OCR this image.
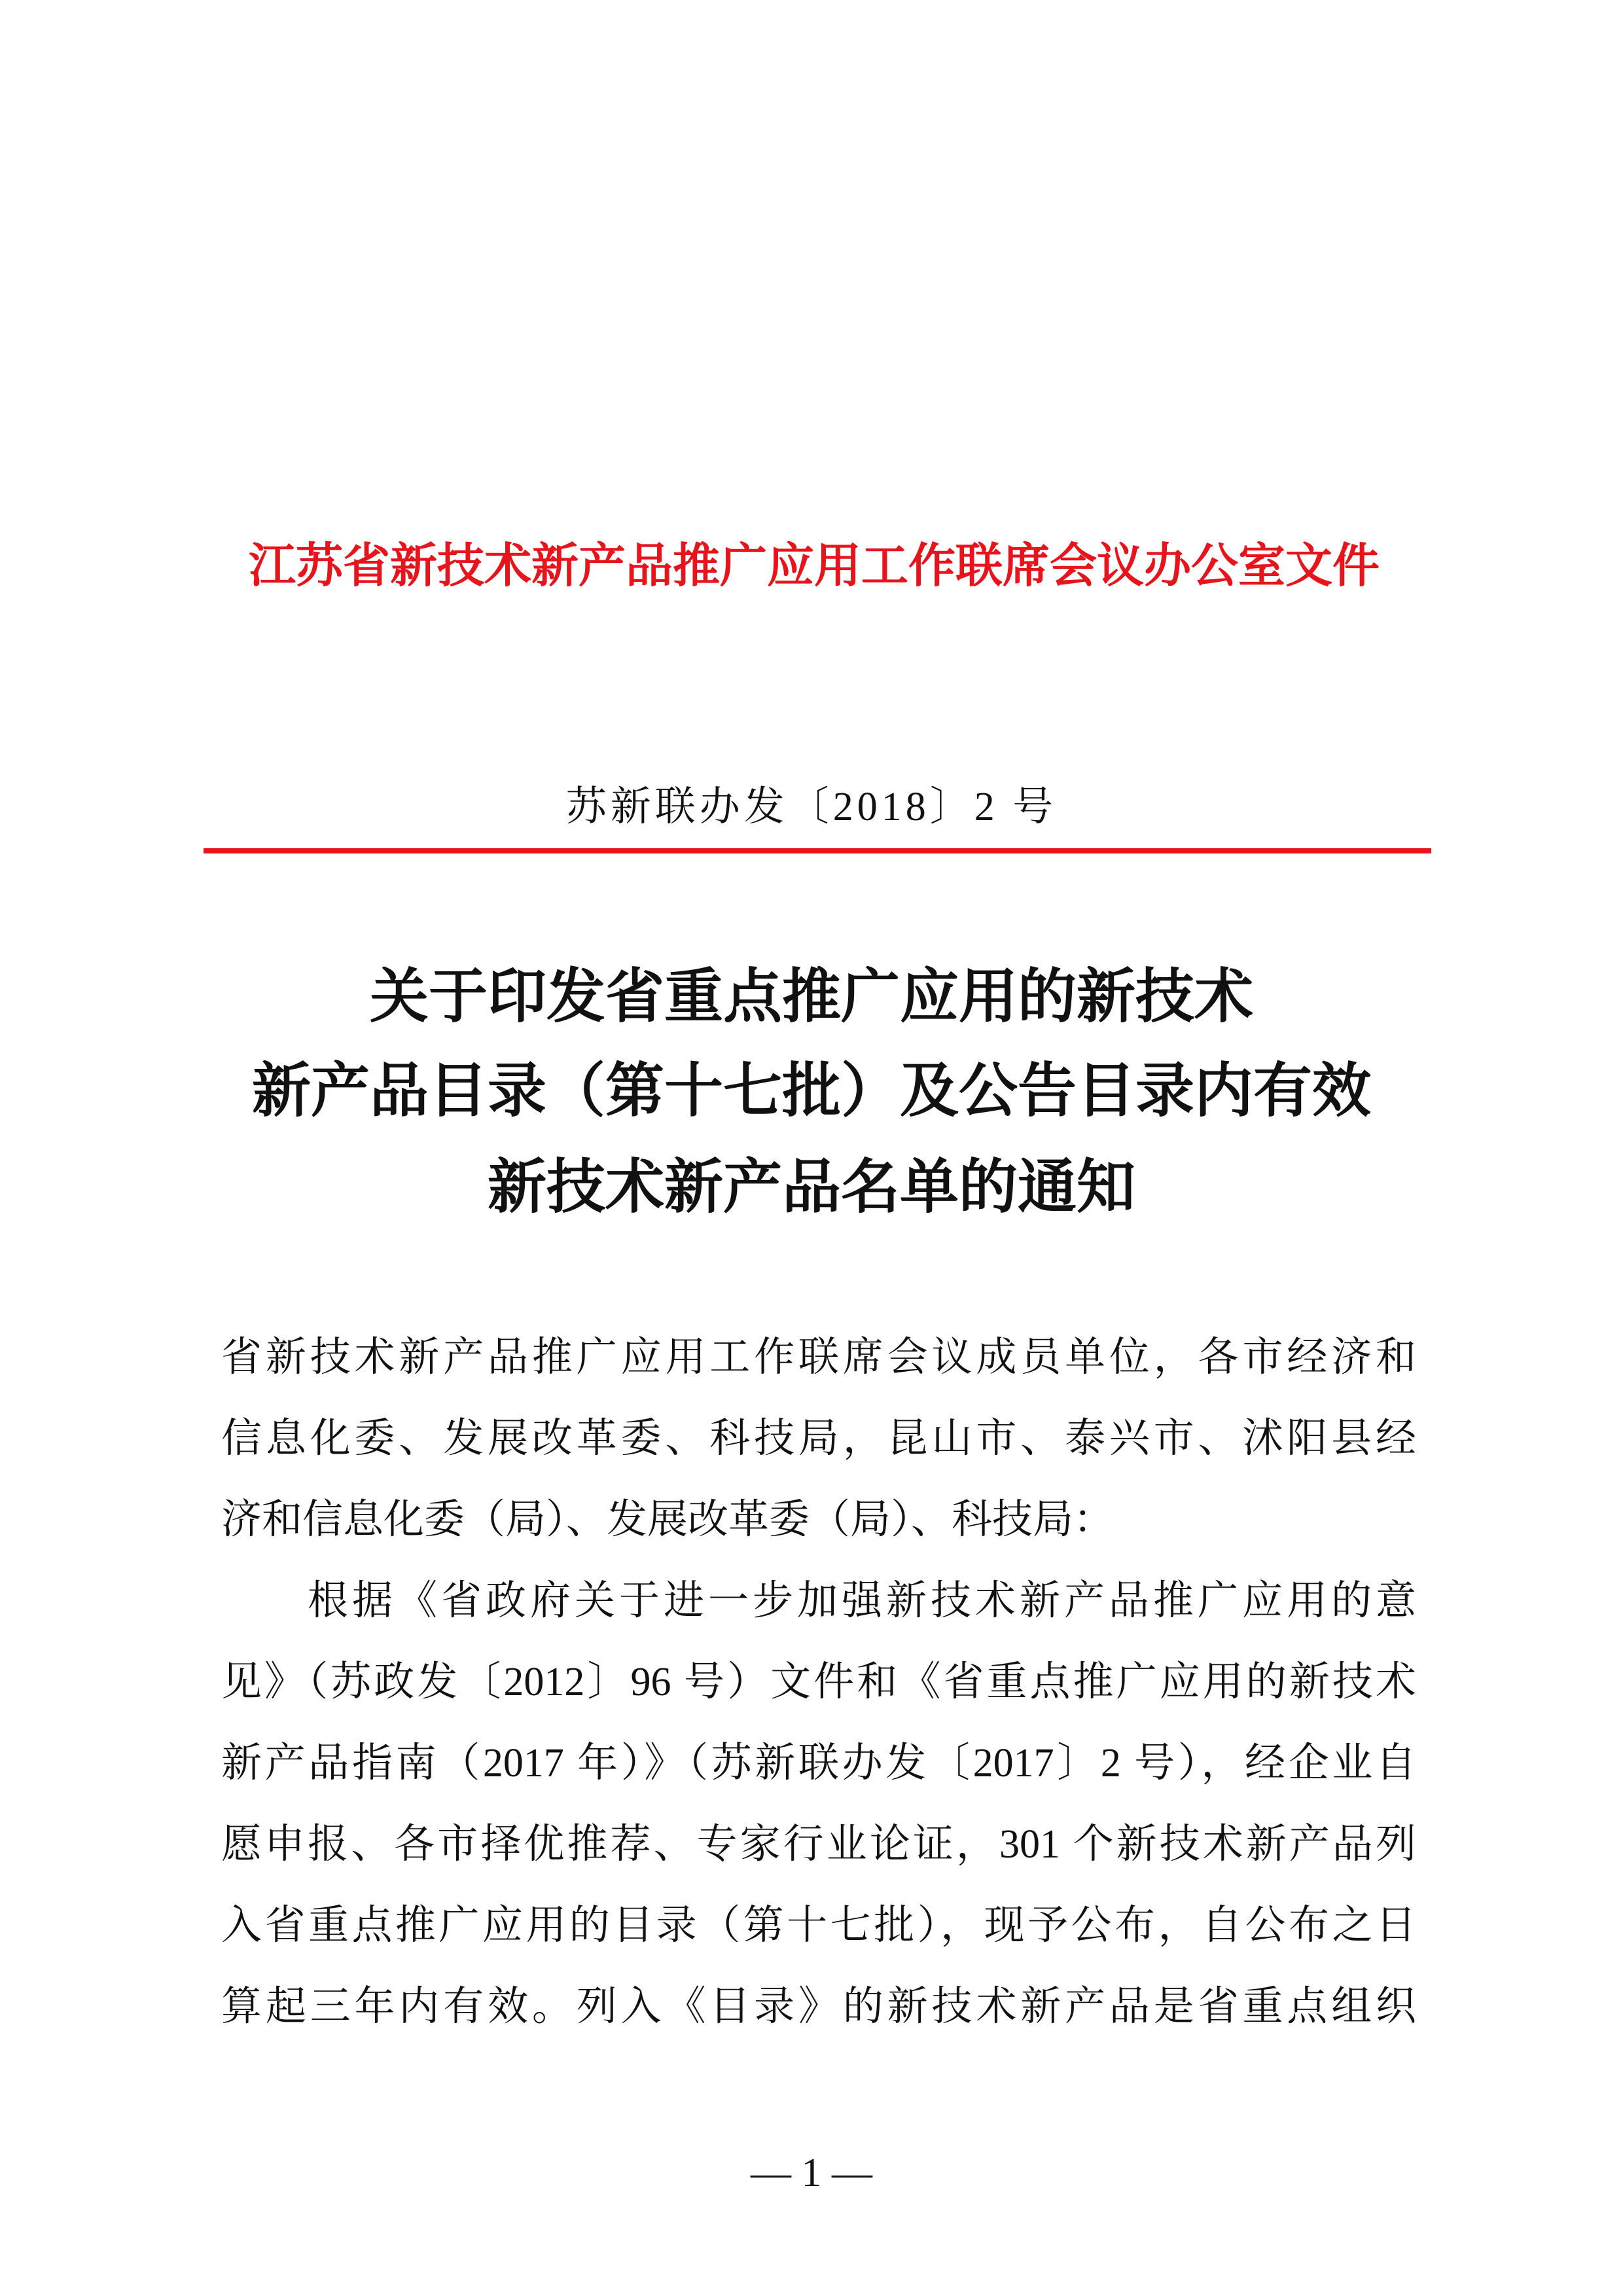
江苏省新技术新产品推广应用工作联席会议办公室文件
苏新联办发〔2018〕2 号
关于印发省重点推广应用的新技术
新产品目录（第十七批）及公告目录内有效
新技术新产品名单的通知
省新技术新产品推广应用工作联席会议成员单位，各市经济和
信息化委、发展改革委、科技局，昆山市、泰兴市、沭阳县经
济和信息化委（局）、发展改革委（局）、科技局：
根据《省政府关于进一步加强新技术新产品推广应用的意
见》（苏政发〔2012〕96 号）文件和《省重点推广应用的新技术
新产品指南（2017 年）》（苏新联办发〔2017〕2 号），经企业自
愿申报、各市择优推荐、专家行业论证，301 个新技术新产品列
入省重点推广应用的目录（第十七批），现予公布，自公布之日
算起三年内有效。列入《目录》的新技术新产品是省重点组织
— 1 —
